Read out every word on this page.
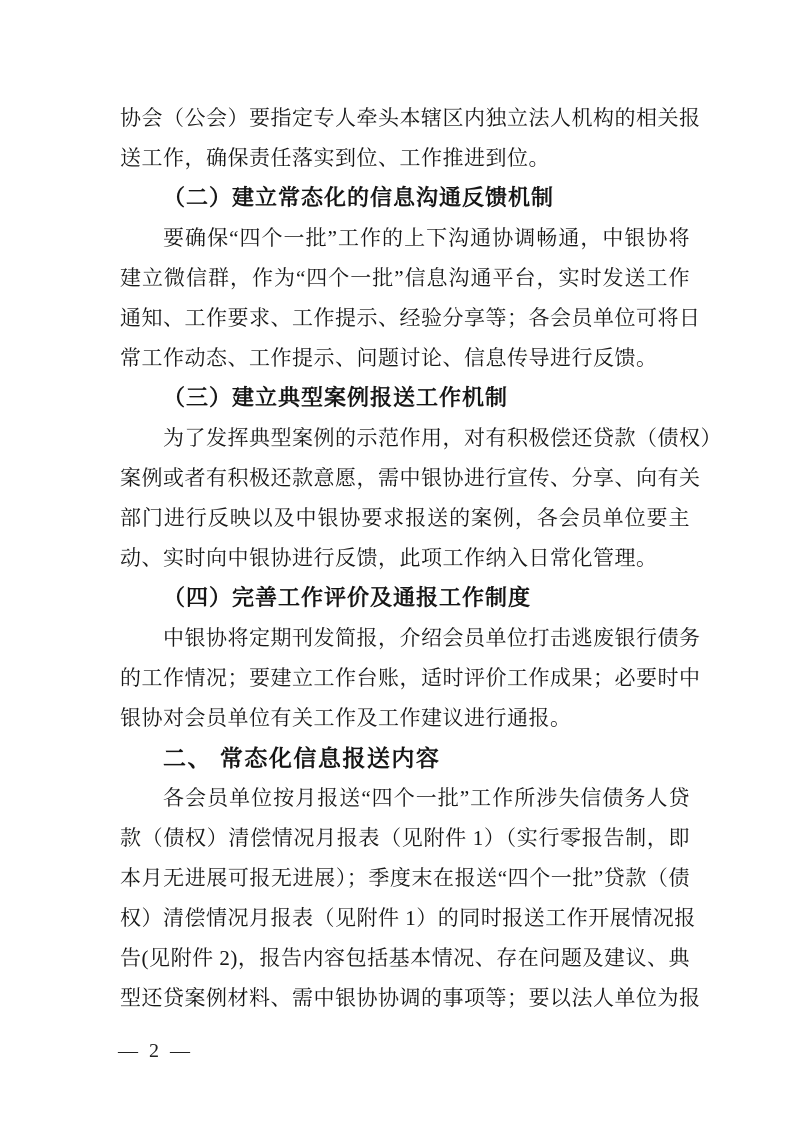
协会（公会）要指定专人牵头本辖区内独立法人机构的相关报
送工作，确保责任落实到位、工作推进到位。
（二）建立常态化的信息沟通反馈机制
要确保“四个一批”工作的上下沟通协调畅通，中银协将
建立微信群，作为“四个一批”信息沟通平台，实时发送工作
通知、工作要求、工作提示、经验分享等；各会员单位可将日
常工作动态、工作提示、问题讨论、信息传导进行反馈。
（三）建立典型案例报送工作机制
为了发挥典型案例的示范作用，对有积极偿还贷款（债权）
案例或者有积极还款意愿，需中银协进行宣传、分享、向有关
部门进行反映以及中银协要求报送的案例，各会员单位要主
动、实时向中银协进行反馈，此项工作纳入日常化管理。
（四）完善工作评价及通报工作制度
中银协将定期刊发简报，介绍会员单位打击逃废银行债务
的工作情况；要建立工作台账，适时评价工作成果；必要时中
银协对会员单位有关工作及工作建议进行通报。
二、 常态化信息报送内容
各会员单位按月报送“四个一批”工作所涉失信债务人贷
款（债权）清偿情况月报表（见附件 1）（实行零报告制，即
本月无进展可报无进展）；季度末在报送“四个一批”贷款（债
权）清偿情况月报表（见附件 1）的同时报送工作开展情况报
告(见附件 2)，报告内容包括基本情况、存在问题及建议、典
型还贷案例材料、需中银协协调的事项等；要以法人单位为报
— 2 —
